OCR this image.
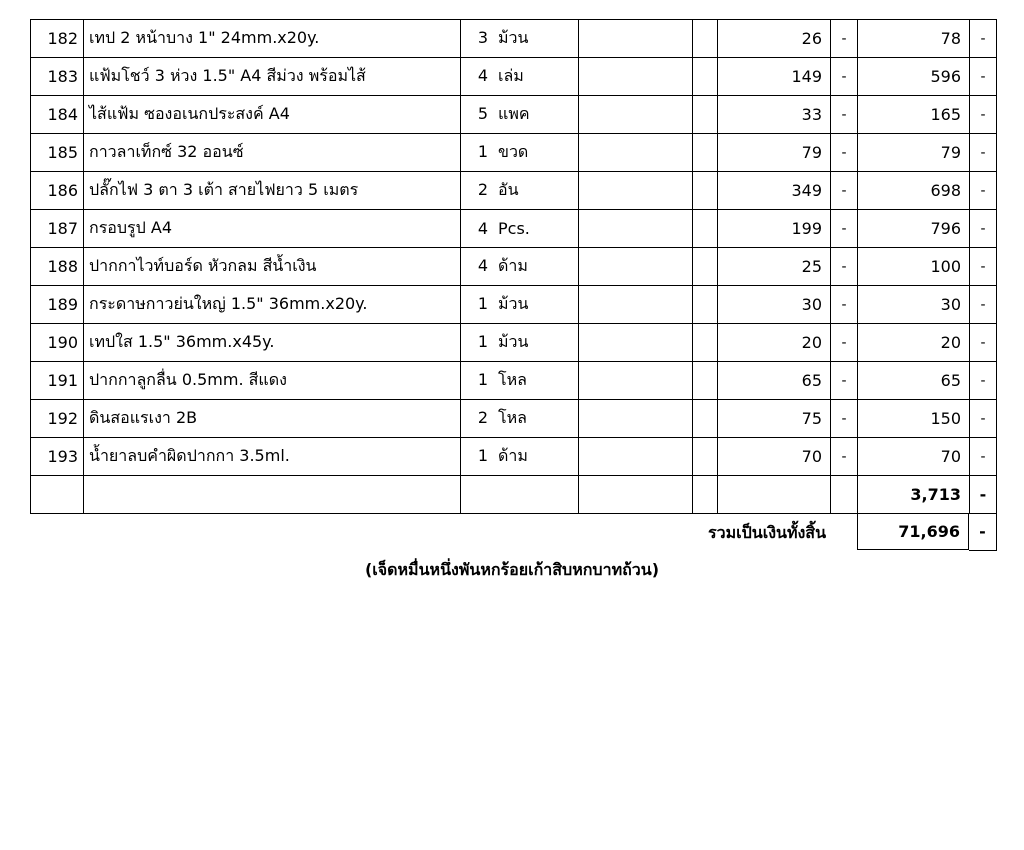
182	เทป 2 หน้าบาง 1" 24mm.x20y.	3 ม้วน			26	-	78	-
183	แฟ้มโชว์ 3 ห่วง 1.5" A4 สีม่วง พร้อมไส้	4 เล่ม			149	-	596	-
184	ไส้แฟ้ม ซองอเนกประสงค์ A4	5 แพค			33	-	165	-
185	กาวลาเท็กซ์ 32 ออนซ์	1 ขวด			79	-	79	-
186	ปลั๊กไฟ 3 ตา 3 เต้า สายไฟยาว 5 เมตร	2 อัน			349	-	698	-
187	กรอบรูป A4	4 Pcs.			199	-	796	-
188	ปากกาไวท์บอร์ด หัวกลม สีน้ำเงิน	4 ด้าม			25	-	100	-
189	กระดาษกาวย่นใหญ่ 1.5" 36mm.x20y.	1 ม้วน			30	-	30	-
190	เทปใส 1.5" 36mm.x45y.	1 ม้วน			20	-	20	-
191	ปากกาลูกลื่น 0.5mm. สีแดง	1 โหล			65	-	65	-
192	ดินสอแรเงา 2B	2 โหล			75	-	150	-
193	น้ำยาลบคำผิดปากกา 3.5ml.	1 ด้าม			70	-	70	-
							3,713	-
รวมเป็นเงินทั้งสิ้น	71,696	-
(เจ็ดหมื่นหนึ่งพันหกร้อยเก้าสิบหกบาทถ้วน)
